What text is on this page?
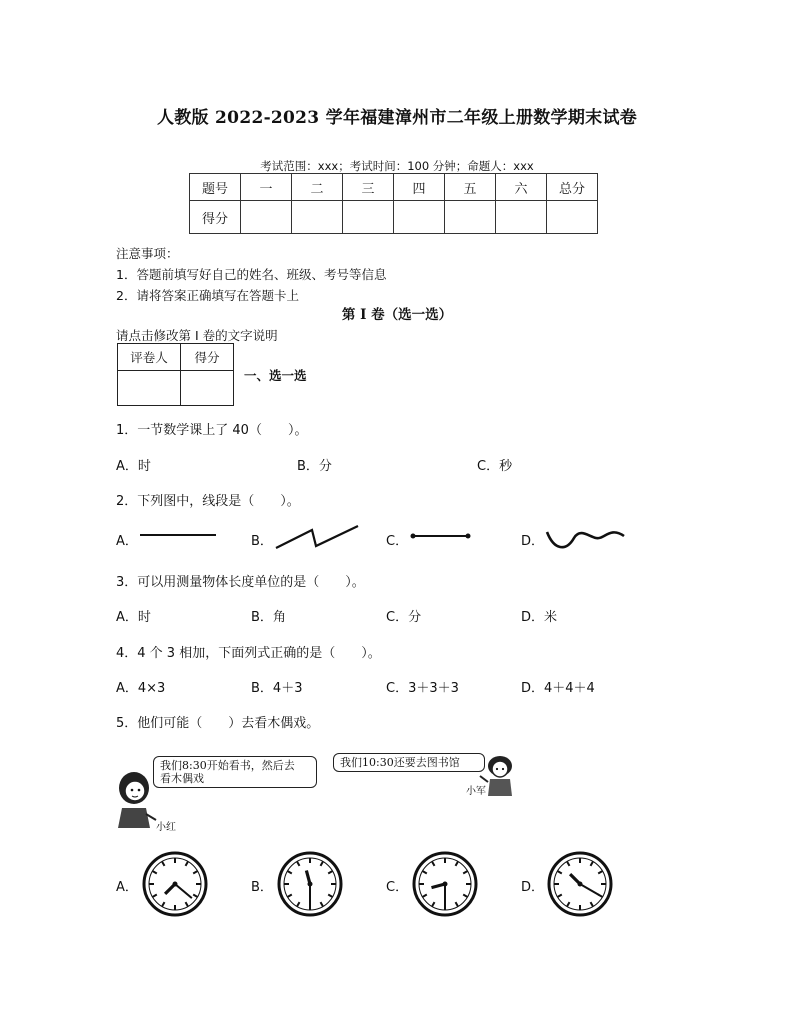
人教版 2022-2023 学年福建漳州市二年级上册数学期末试卷
考试范围：xxx；考试时间：100 分钟；命题人：xxx
题号	一	二	三	四	五	六	总分
得分							
注意事项：
1．答题前填写好自己的姓名、班级、考号等信息
2．请将答案正确填写在答题卡上
第 I 卷（选一选）
请点击修改第 I 卷的文字说明
评卷人	得分

一、选一选
1．一节数学课上了 40（　　）。
A．时	B．分	C．秒
2．下列图中，线段是（　　）。
A．	B．	C．	D．
3．可以用测量物体长度单位的是（　　）。
A．时	B．角	C．分	D．米
4．4 个 3 相加，下面列式正确的是（　　）。
A．4×3	B．4＋3	C．3＋3＋3	D．4＋4＋4
5．他们可能（　　）去看木偶戏。
我们8:30开始看书，然后去
看木偶戏
小红
我们10:30还要去图书馆
小军
A．	B．	C．	D．
